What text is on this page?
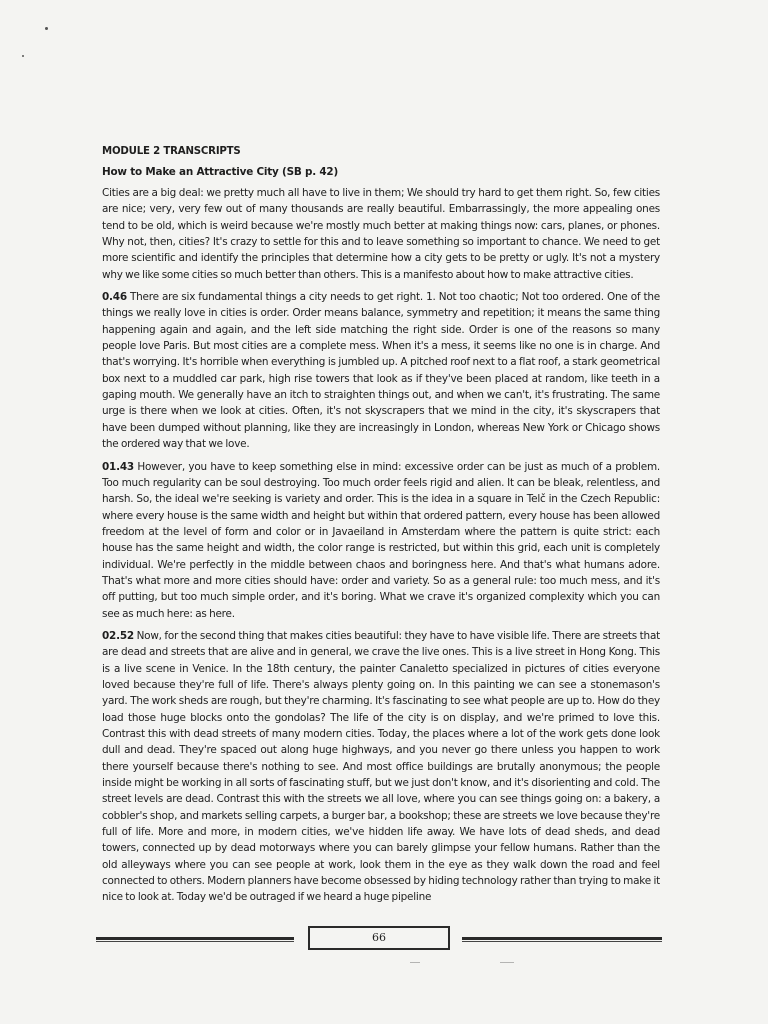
MODULE 2 TRANSCRIPTS
How to Make an Attractive City (SB p. 42)

Cities are a big deal: we pretty much all have to live in them; We should try hard to get them right. So, few cities are nice; very, very few out of many thousands are really beautiful. Embarrassingly, the more appealing ones tend to be old, which is weird because we're mostly much better at making things now: cars, planes, or phones. Why not, then, cities? It's crazy to settle for this and to leave something so important to chance. We need to get more scientific and identify the principles that determine how a city gets to be pretty or ugly. It's not a mystery why we like some cities so much better than others. This is a manifesto about how to make attractive cities.

0.46 There are six fundamental things a city needs to get right. 1. Not too chaotic; Not too ordered. One of the things we really love in cities is order. Order means balance, symmetry and repetition; it means the same thing happening again and again, and the left side matching the right side. Order is one of the reasons so many people love Paris. But most cities are a complete mess. When it's a mess, it seems like no one is in charge. And that's worrying. It's horrible when everything is jumbled up. A pitched roof next to a flat roof, a stark geometrical box next to a muddled car park, high rise towers that look as if they've been placed at random, like teeth in a gaping mouth. We generally have an itch to straighten things out, and when we can't, it's frustrating. The same urge is there when we look at cities. Often, it's not skyscrapers that we mind in the city, it's skyscrapers that have been dumped without planning, like they are increasingly in London, whereas New York or Chicago shows the ordered way that we love.

01.43 However, you have to keep something else in mind: excessive order can be just as much of a problem. Too much regularity can be soul destroying. Too much order feels rigid and alien. It can be bleak, relentless, and harsh. So, the ideal we're seeking is variety and order. This is the idea in a square in Telč in the Czech Republic: where every house is the same width and height but within that ordered pattern, every house has been allowed freedom at the level of form and color or in Javaeiland in Amsterdam where the pattern is quite strict: each house has the same height and width, the color range is restricted, but within this grid, each unit is completely individual. We're perfectly in the middle between chaos and boringness here. And that's what humans adore. That's what more and more cities should have: order and variety. So as a general rule: too much mess, and it's off putting, but too much simple order, and it's boring. What we crave it's organized complexity which you can see as much here: as here.

02.52 Now, for the second thing that makes cities beautiful: they have to have visible life. There are streets that are dead and streets that are alive and in general, we crave the live ones. This is a live street in Hong Kong. This is a live scene in Venice. In the 18th century, the painter Canaletto specialized in pictures of cities everyone loved because they're full of life. There's always plenty going on. In this painting we can see a stonemason's yard. The work sheds are rough, but they're charming. It's fascinating to see what people are up to. How do they load those huge blocks onto the gondolas? The life of the city is on display, and we're primed to love this. Contrast this with dead streets of many modern cities. Today, the places where a lot of the work gets done look dull and dead. They're spaced out along huge highways, and you never go there unless you happen to work there yourself because there's nothing to see. And most office buildings are brutally anonymous; the people inside might be working in all sorts of fascinating stuff, but we just don't know, and it's disorienting and cold. The street levels are dead. Contrast this with the streets we all love, where you can see things going on: a bakery, a cobbler's shop, and markets selling carpets, a burger bar, a bookshop; these are streets we love because they're full of life. More and more, in modern cities, we've hidden life away. We have lots of dead sheds, and dead towers, connected up by dead motorways where you can barely glimpse your fellow humans. Rather than the old alleyways where you can see people at work, look them in the eye as they walk down the road and feel connected to others. Modern planners have become obsessed by hiding technology rather than trying to make it nice to look at. Today we'd be outraged if we heard a huge pipeline

66
